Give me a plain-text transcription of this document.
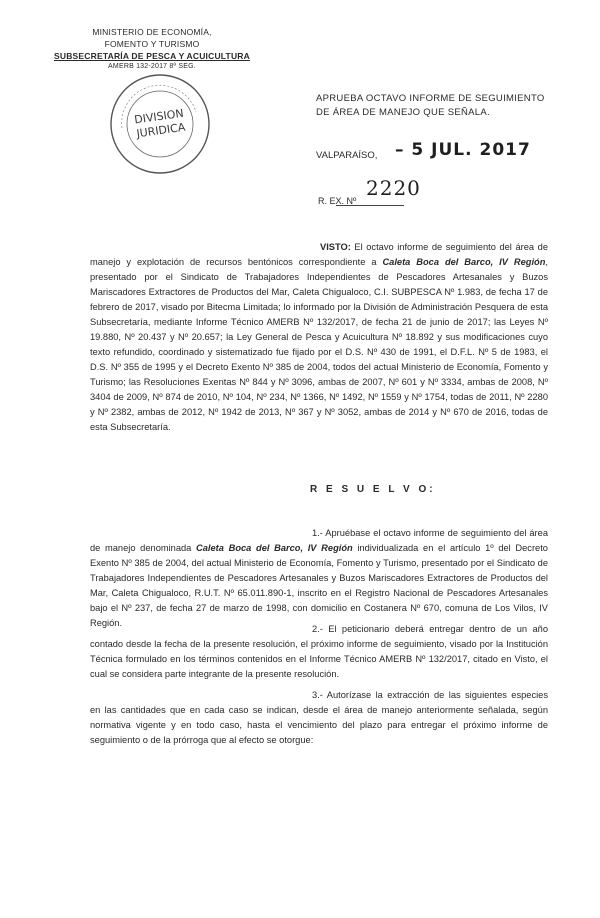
MINISTERIO DE ECONOMÍA,
FOMENTO Y TURISMO
SUBSECRETARÍA DE PESCA Y ACUICULTURA
AMERB 132-2017 8º SEG.
DIVISION
JURIDICA
APRUEBA OCTAVO INFORME DE SEGUIMIENTO
DE ÁREA DE MANEJO QUE SEÑALA.
VALPARAÍSO, – 5 JUL. 2017
R. EX. Nº
2220
VISTO: El octavo informe de seguimiento del área de manejo y explotación de recursos bentónicos correspondiente a Caleta Boca del Barco, IV Región, presentado por el Sindicato de Trabajadores Independientes de Pescadores Artesanales y Buzos Mariscadores Extractores de Productos del Mar, Caleta Chigualoco, C.I. SUBPESCA Nº 1.983, de fecha 17 de febrero de 2017, visado por Bitecma Limitada; lo informado por la División de Administración Pesquera de esta Subsecretaría, mediante Informe Técnico AMERB Nº 132/2017, de fecha 21 de junio de 2017; las Leyes Nº 19.880, Nº 20.437 y Nº 20.657; la Ley General de Pesca y Acuicultura Nº 18.892 y sus modificaciones cuyo texto refundido, coordinado y sistematizado fue fijado por el D.S. Nº 430 de 1991, el D.F.L. Nº 5 de 1983, el D.S. Nº 355 de 1995 y el Decreto Exento Nº 385 de 2004, todos del actual Ministerio de Economía, Fomento y Turismo; las Resoluciones Exentas Nº 844 y Nº 3096, ambas de 2007, Nº 601 y Nº 3334, ambas de 2008, Nº 3404 de 2009, Nº 874 de 2010, Nº 104, Nº 234, Nº 1366, Nº 1492, Nº 1559 y Nº 1754, todas de 2011, Nº 2280 y Nº 2382, ambas de 2012, Nº 1942 de 2013, Nº 367 y Nº 3052, ambas de 2014 y Nº 670 de 2016, todas de esta Subsecretaría.
R E S U E L V O:
1.- Apruébase el octavo informe de seguimiento del área de manejo denominada Caleta Boca del Barco, IV Región individualizada en el artículo 1º del Decreto Exento Nº 385 de 2004, del actual Ministerio de Economía, Fomento y Turismo, presentado por el Sindicato de Trabajadores Independientes de Pescadores Artesanales y Buzos Mariscadores Extractores de Productos del Mar, Caleta Chigualoco, R.U.T. Nº 65.011.890-1, inscrito en el Registro Nacional de Pescadores Artesanales bajo el Nº 237, de fecha 27 de marzo de 1998, con domicilio en Costanera Nº 670, comuna de Los Vilos, IV Región.
2.- El peticionario deberá entregar dentro de un año contado desde la fecha de la presente resolución, el próximo informe de seguimiento, visado por la Institución Técnica formulado en los términos contenidos en el Informe Técnico AMERB Nº 132/2017, citado en Visto, el cual se considera parte integrante de la presente resolución.
3.- Autorízase la extracción de las siguientes especies en las cantidades que en cada caso se indican, desde el área de manejo anteriormente señalada, según normativa vigente y en todo caso, hasta el vencimiento del plazo para entregar el próximo informe de seguimiento o de la prórroga que al efecto se otorgue:
